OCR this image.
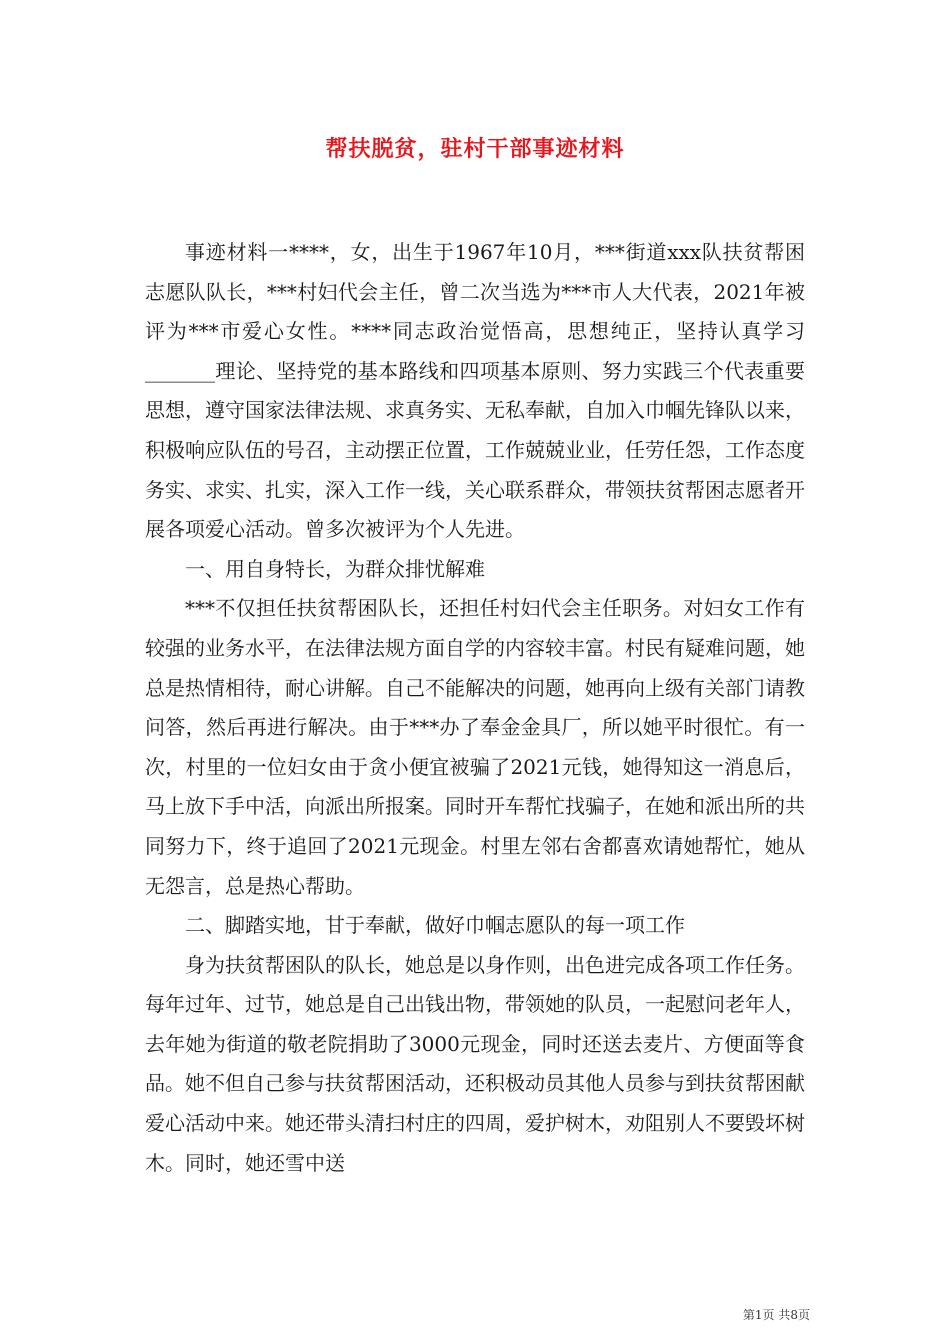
帮扶脱贫，驻村干部事迹材料

事迹材料一****，女，出生于1967年10月，***街道xxx队扶贫帮困志愿队队长，***村妇代会主任，曾二次当选为***市人大代表，2021年被评为***市爱心女性。****同志政治觉悟高，思想纯正，坚持认真学习_______理论、坚持党的基本路线和四项基本原则、努力实践三个代表重要思想，遵守国家法律法规、求真务实、无私奉献，自加入巾帼先锋队以来，积极响应队伍的号召，主动摆正位置，工作兢兢业业，任劳任怨，工作态度务实、求实、扎实，深入工作一线，关心联系群众，带领扶贫帮困志愿者开展各项爱心活动。曾多次被评为个人先进。

一、用自身特长，为群众排忧解难

***不仅担任扶贫帮困队长，还担任村妇代会主任职务。对妇女工作有较强的业务水平，在法律法规方面自学的内容较丰富。村民有疑难问题，她总是热情相待，耐心讲解。自己不能解决的问题，她再向上级有关部门请教问答，然后再进行解决。由于***办了奉金金具厂，所以她平时很忙。有一次，村里的一位妇女由于贪小便宜被骗了2021元钱，她得知这一消息后，马上放下手中活，向派出所报案。同时开车帮忙找骗子，在她和派出所的共同努力下，终于追回了2021元现金。村里左邻右舍都喜欢请她帮忙，她从无怨言，总是热心帮助。

二、脚踏实地，甘于奉献，做好巾帼志愿队的每一项工作

身为扶贫帮困队的队长，她总是以身作则，出色进完成各项工作任务。每年过年、过节，她总是自己出钱出物，带领她的队员，一起慰问老年人，去年她为街道的敬老院捐助了3000元现金，同时还送去麦片、方便面等食品。她不但自己参与扶贫帮困活动，还积极动员其他人员参与到扶贫帮困献爱心活动中来。她还带头清扫村庄的四周，爱护树木，劝阻别人不要毁坏树木。同时，她还雪中送

第1页 共8页
